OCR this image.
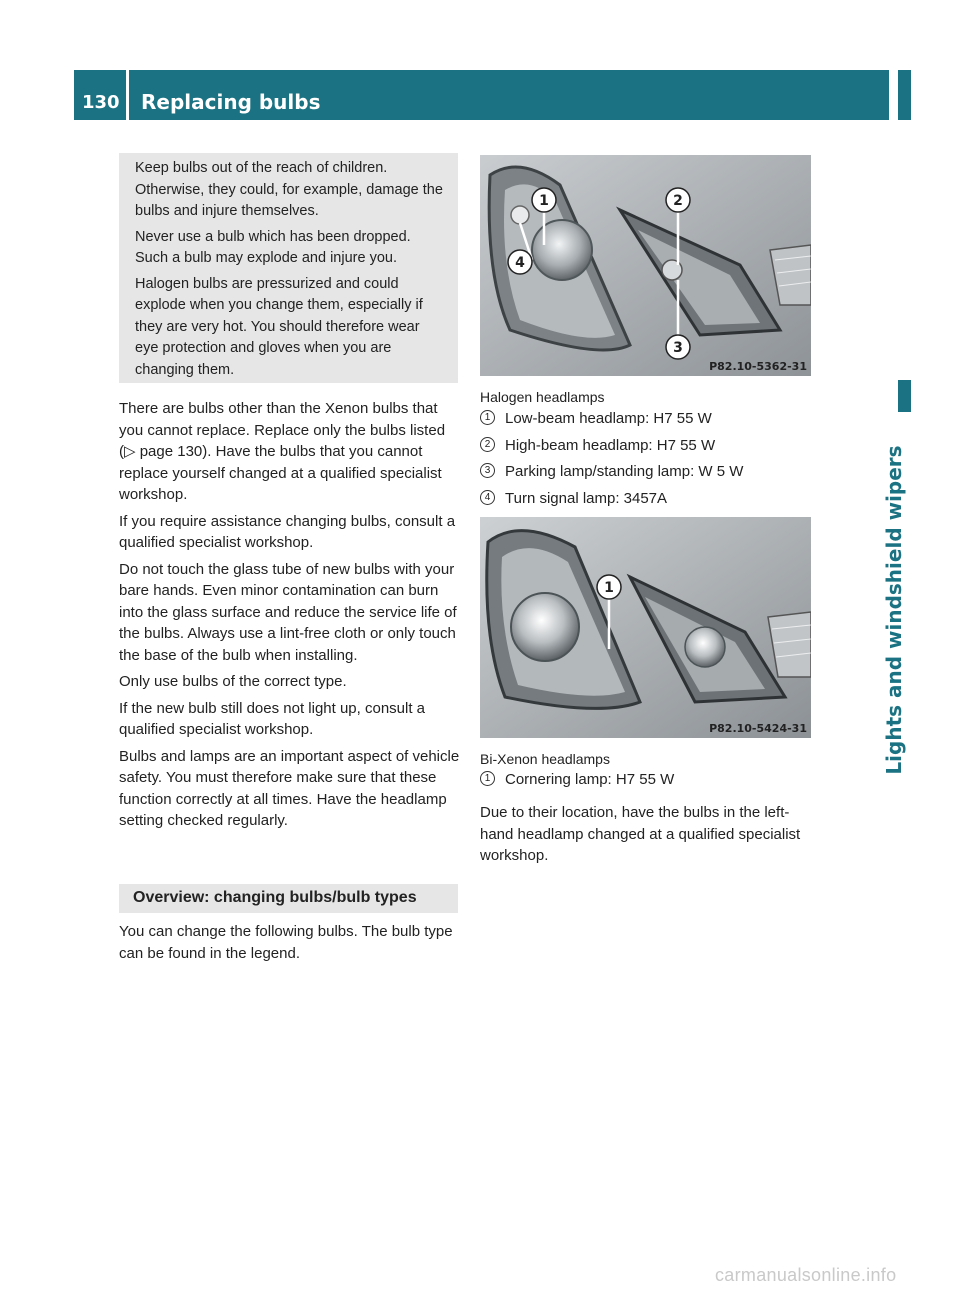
130 Replacing bulbs
Lights and windshield wipers

Keep bulbs out of the reach of children. Otherwise, they could, for example, damage the bulbs and injure themselves.

Never use a bulb which has been dropped. Such a bulb may explode and injure you.

Halogen bulbs are pressurized and could explode when you change them, especially if they are very hot. You should therefore wear eye protection and gloves when you are changing them.

There are bulbs other than the Xenon bulbs that you cannot replace. Replace only the bulbs listed (▷ page 130). Have the bulbs that you cannot replace yourself changed at a qualified specialist workshop.

If you require assistance changing bulbs, consult a qualified specialist workshop.

Do not touch the glass tube of new bulbs with your bare hands. Even minor contamination can burn into the glass surface and reduce the service life of the bulbs. Always use a lint-free cloth or only touch the base of the bulb when installing.

Only use bulbs of the correct type.

If the new bulb still does not light up, consult a qualified specialist workshop.

Bulbs and lamps are an important aspect of vehicle safety. You must therefore make sure that these function correctly at all times. Have the headlamp setting checked regularly.

Overview: changing bulbs/bulb types

You can change the following bulbs. The bulb type can be found in the legend.

1	2
3
4
P82.10-5362-31
Halogen headlamps
1 Low-beam headlamp: H7 55 W
2 High-beam headlamp: H7 55 W
3 Parking lamp/standing lamp: W 5 W
4 Turn signal lamp: 3457A
1
P82.10-5424-31
Bi-Xenon headlamps
1 Cornering lamp: H7 55 W
Due to their location, have the bulbs in the left-hand headlamp changed at a qualified specialist workshop.
carmanualsonline.info
